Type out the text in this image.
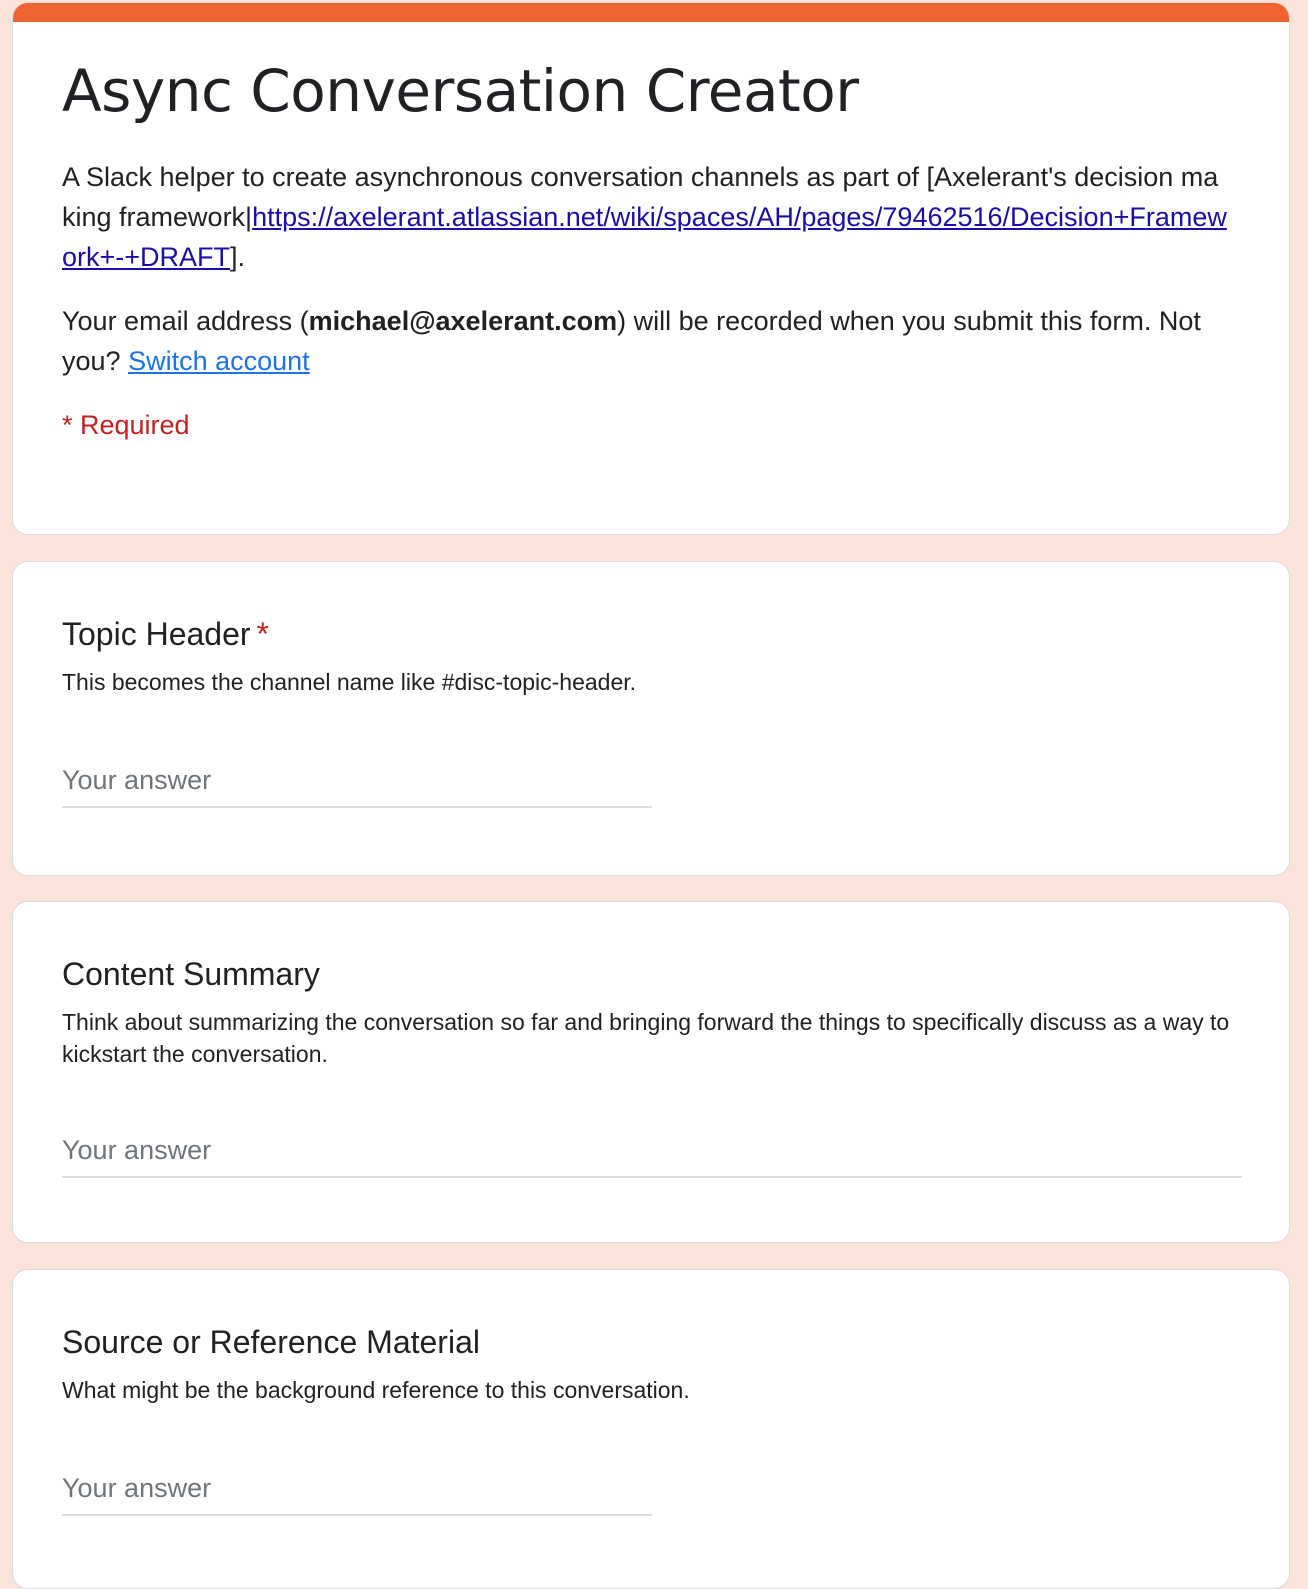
Async Conversation Creator
A Slack helper to create asynchronous conversation channels as part of [Axelerant's decision making framework|https://axelerant.atlassian.net/wiki/spaces/AH/pages/79462516/Decision+Framework+-+DRAFT].
Your email address (michael@axelerant.com) will be recorded when you submit this form. Not you? Switch account
* Required
Topic Header *
This becomes the channel name like #disc-topic-header.
Your answer
Content Summary
Think about summarizing the conversation so far and bringing forward the things to specifically discuss as a way to kickstart the conversation.
Your answer
Source or Reference Material
What might be the background reference to this conversation.
Your answer
